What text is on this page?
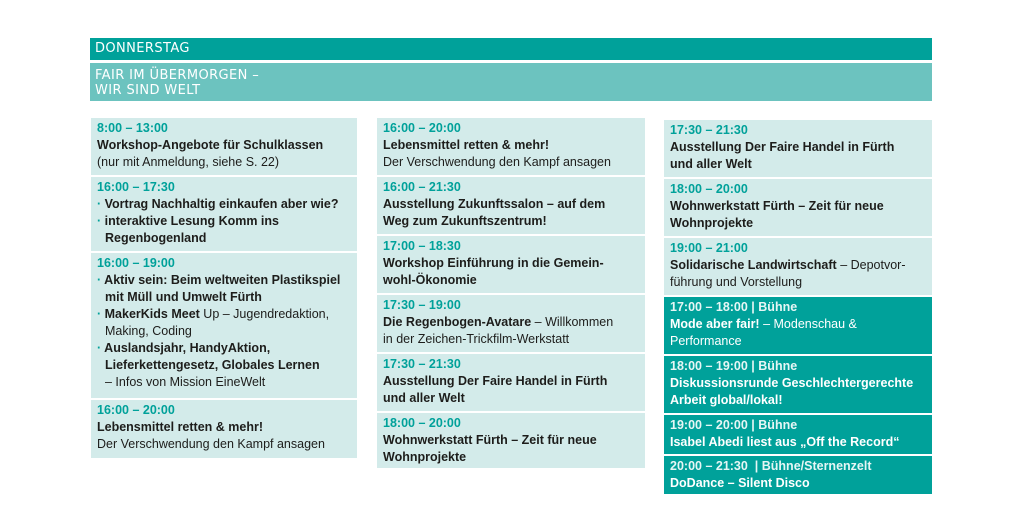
DONNERSTAG
FAIR IM ÜBERMORGEN –
WIR SIND WELT
8:00 – 13:00
Workshop-Angebote für Schulklassen
(nur mit Anmeldung, siehe S. 22)
16:00 – 17:30
· Vortrag Nachhaltig einkaufen aber wie?
· interaktive Lesung Komm ins
Regenbogenland
16:00 – 19:00
· Aktiv sein: Beim weltweiten Plastikspiel
mit Müll und Umwelt Fürth
· MakerKids Meet Up – Jugendredaktion,
Making, Coding
· Auslandsjahr, HandyAktion,
Lieferkettengesetz, Globales Lernen
– Infos von Mission EineWelt
16:00 – 20:00
Lebensmittel retten & mehr!
Der Verschwendung den Kampf ansagen
16:00 – 20:00
Lebensmittel retten & mehr!
Der Verschwendung den Kampf ansagen
16:00 – 21:30
Ausstellung Zukunftssalon – auf dem
Weg zum Zukunftszentrum!
17:00 – 18:30
Workshop Einführung in die Gemein-
wohl-Ökonomie
17:30 – 19:00
Die Regenbogen-Avatare – Willkommen
in der Zeichen-Trickfilm-Werkstatt
17:30 – 21:30
Ausstellung Der Faire Handel in Fürth
und aller Welt
18:00 – 20:00
Wohnwerkstatt Fürth – Zeit für neue
Wohnprojekte
17:30 – 21:30
Ausstellung Der Faire Handel in Fürth
und aller Welt
18:00 – 20:00
Wohnwerkstatt Fürth – Zeit für neue
Wohnprojekte
19:00 – 21:00
Solidarische Landwirtschaft – Depotvor-
führung und Vorstellung
17:00 – 18:00 | Bühne
Mode aber fair! – Modenschau &
Performance
18:00 – 19:00 | Bühne
Diskussionsrunde Geschlechtergerechte
Arbeit global/lokal!
19:00 – 20:00 | Bühne
Isabel Abedi liest aus „Off the Record“
20:00 – 21:30  | Bühne/Sternenzelt
DoDance – Silent Disco
